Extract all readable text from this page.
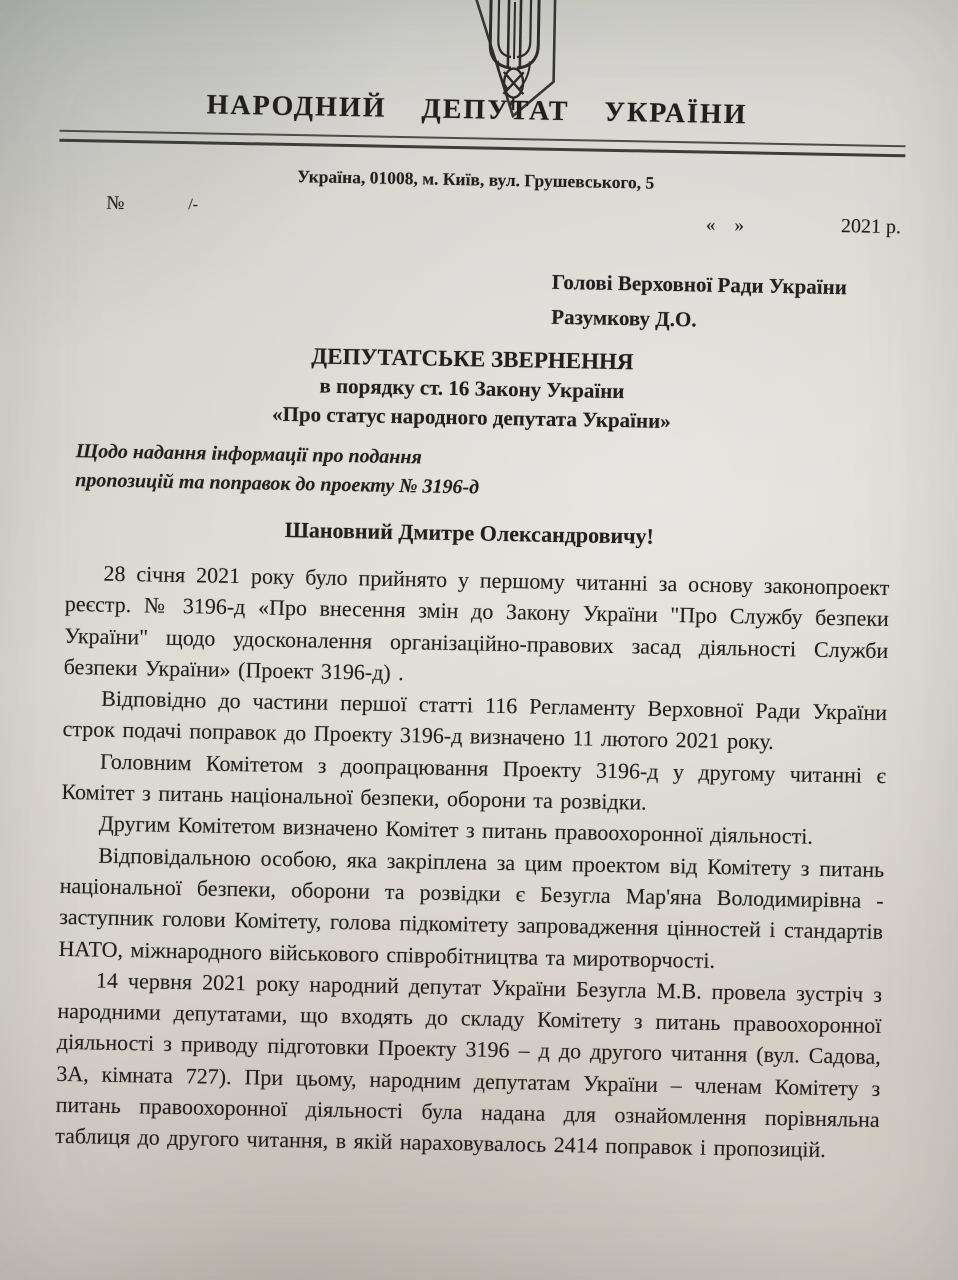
НАРОДНИЙ ДЕПУТАТ УКРАЇНИ
Україна, 01008, м. Київ, вул. Грушевського, 5
№	/-
«    »	2021 р.
Голові Верховної Ради України
Разумкову Д.О.
ДЕПУТАТСЬКЕ ЗВЕРНЕННЯ
в порядку ст. 16 Закону України
«Про статус народного депутата України»
Щодо надання інформації про подання
пропозицій та поправок до проекту № 3196-д
Шановний Дмитре Олександровичу!

28 січня 2021 року було прийнято у першому читанні за основу законопроект реєстр. № 3196-д «Про внесення змін до Закону України "Про Службу безпеки України" щодо удосконалення організаційно-правових засад діяльності Служби безпеки України» (Проект 3196-д) .

Відповідно до частини першої статті 116 Регламенту Верховної Ради України строк подачі поправок до Проекту 3196-д визначено 11 лютого 2021 року.

Головним Комітетом з доопрацювання Проекту 3196-д у другому читанні є Комітет з питань національної безпеки, оборони та розвідки.

Другим Комітетом визначено Комітет з питань правоохоронної діяльності.

Відповідальною особою, яка закріплена за цим проектом від Комітету з питань національної безпеки, оборони та розвідки є Безугла Мар'яна Володимирівна - заступник голови Комітету, голова підкомітету запровадження цінностей і стандартів НАТО, міжнародного військового співробітництва та миротворчості.

14 червня 2021 року народний депутат України Безугла М.В. провела зустріч з народними депутатами, що входять до складу Комітету з питань правоохоронної діяльності з приводу підготовки Проекту 3196 – д до другого читання (вул. Садова, 3А, кімната 727). При цьому, народним депутатам України – членам Комітету з питань правоохоронної діяльності була надана для ознайомлення порівняльна таблиця до другого читання, в якій нараховувалось 2414 поправок і пропозицій.
